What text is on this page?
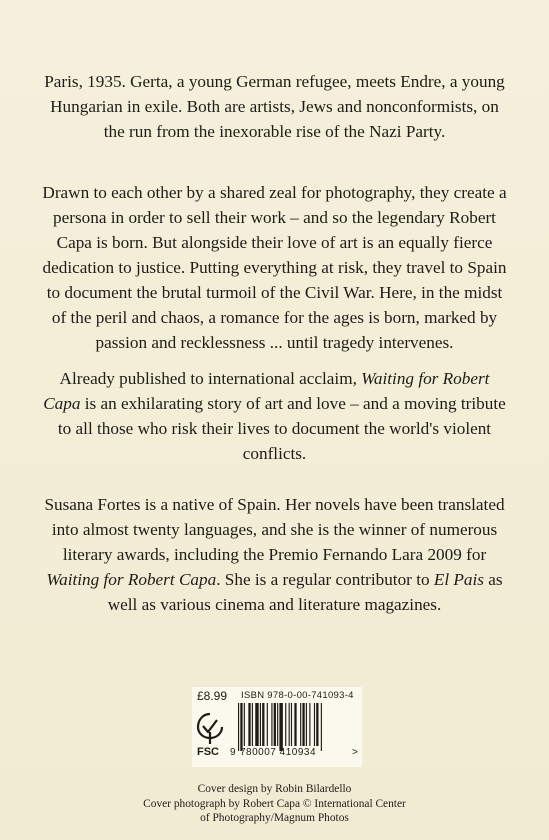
Paris, 1935. Gerta, a young German refugee, meets Endre, a young Hungarian in exile. Both are artists, Jews and nonconformists, on the run from the inexorable rise of the Nazi Party.

Drawn to each other by a shared zeal for photography, they create a persona in order to sell their work – and so the legendary Robert Capa is born. But alongside their love of art is an equally fierce dedication to justice. Putting everything at risk, they travel to Spain to document the brutal turmoil of the Civil War. Here, in the midst of the peril and chaos, a romance for the ages is born, marked by passion and recklessness ... until tragedy intervenes.

Already published to international acclaim, Waiting for Robert Capa is an exhilarating story of art and love – and a moving tribute to all those who risk their lives to document the world's violent conflicts.

Susana Fortes is a native of Spain. Her novels have been translated into almost twenty languages, and she is the winner of numerous literary awards, including the Premio Fernando Lara 2009 for Waiting for Robert Capa. She is a regular contributor to El Pais as well as various cinema and literature magazines.

£8.99 ISBN 978-0-00-741093-4
FSC 9 780007 410934	>
Cover design by Robin Bilardello
Cover photograph by Robert Capa © International Center
of Photography/Magnum Photos
